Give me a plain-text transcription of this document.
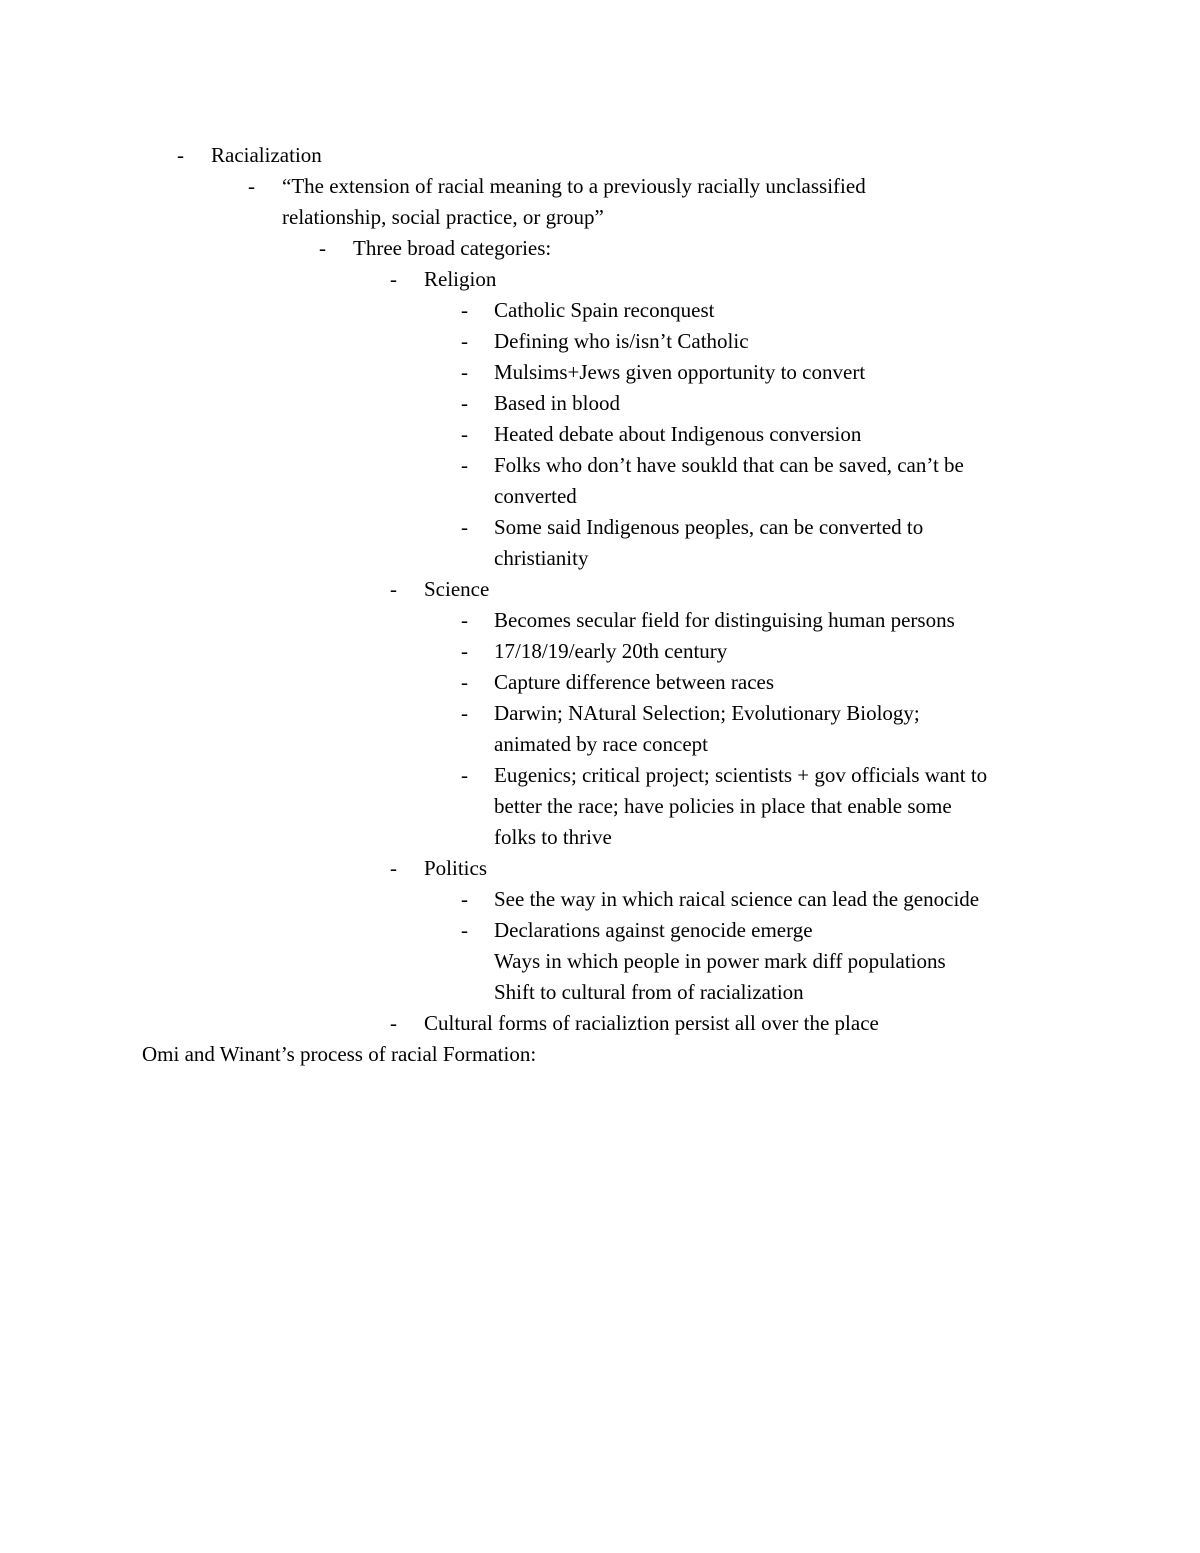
- Racialization
- “The extension of racial meaning to a previously racially unclassified
relationship, social practice, or group”
- Three broad categories:
- Religion
- Catholic Spain reconquest
- Defining who is/isn’t Catholic
- Mulsims+Jews given opportunity to convert
- Based in blood
- Heated debate about Indigenous conversion
- Folks who don’t have soukld that can be saved, can’t be
converted
- Some said Indigenous peoples, can be converted to
christianity
- Science
- Becomes secular field for distinguising human persons
- 17/18/19/early 20th century
- Capture difference between races
- Darwin; NAtural Selection; Evolutionary Biology;
animated by race concept
- Eugenics; critical project; scientists + gov officials want to
better the race; have policies in place that enable some
folks to thrive
- Politics
- See the way in which raical science can lead the genocide
- Declarations against genocide emerge
Ways in which people in power mark diff populations
Shift to cultural from of racialization
- Cultural forms of racializtion persist all over the place
Omi and Winant’s process of racial Formation:
